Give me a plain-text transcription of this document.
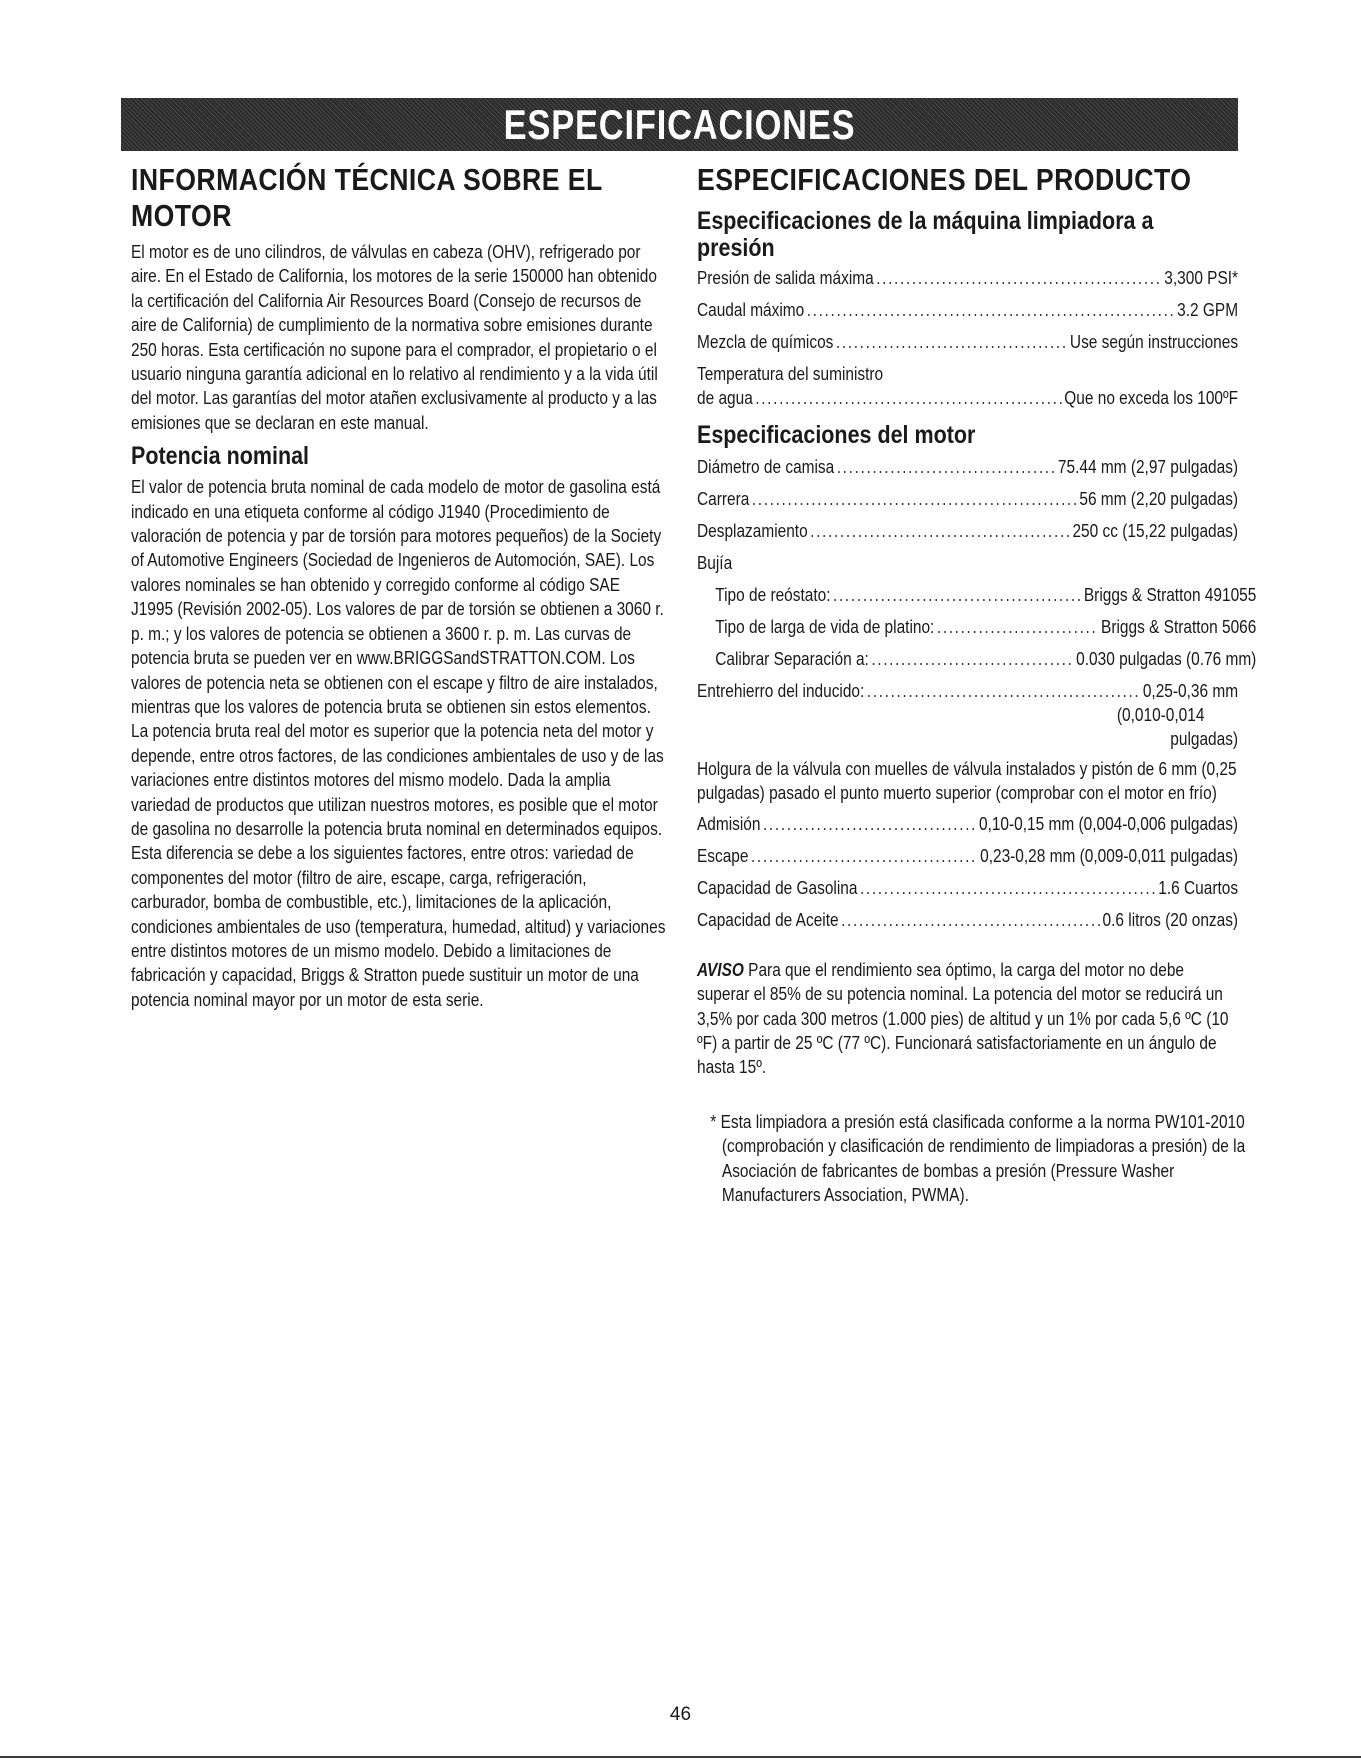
ESPECIFICACIONES
INFORMACIÓN TÉCNICA SOBRE EL MOTOR

El motor es de uno cilindros, de válvulas en cabeza (OHV), refrigerado por aire. En el Estado de California, los motores de la serie 150000 han obtenido la certificación del California Air Resources Board (Consejo de recursos de aire de California) de cumplimiento de la normativa sobre emisiones durante 250 horas. Esta certificación no supone para el comprador, el propietario o el usuario ninguna garantía adicional en lo relativo al rendimiento y a la vida útil del motor. Las garantías del motor atañen exclusivamente al producto y a las emisiones que se declaran en este manual.

Potencia nominal

El valor de potencia bruta nominal de cada modelo de motor de gasolina está indicado en una etiqueta conforme al código J1940 (Procedimiento de valoración de potencia y par de torsión para motores pequeños) de la Society of Automotive Engineers (Sociedad de Ingenieros de Automoción, SAE). Los valores nominales se han obtenido y corregido conforme al código SAE J1995 (Revisión 2002-05). Los valores de par de torsión se obtienen a 3060 r. p. m.; y los valores de potencia se obtienen a 3600 r. p. m. Las curvas de potencia bruta se pueden ver en www.BRIGGSandSTRATTON.COM. Los valores de potencia neta se obtienen con el escape y filtro de aire instalados, mientras que los valores de potencia bruta se obtienen sin estos elementos. La potencia bruta real del motor es superior que la potencia neta del motor y depende, entre otros factores, de las condiciones ambientales de uso y de las variaciones entre distintos motores del mismo modelo. Dada la amplia variedad de productos que utilizan nuestros motores, es posible que el motor de gasolina no desarrolle la potencia bruta nominal en determinados equipos. Esta diferencia se debe a los siguientes factores, entre otros: variedad de componentes del motor (filtro de aire, escape, carga, refrigeración, carburador, bomba de combustible, etc.), limitaciones de la aplicación, condiciones ambientales de uso (temperatura, humedad, altitud) y variaciones entre distintos motores de un mismo modelo. Debido a limitaciones de fabricación y capacidad, Briggs & Stratton puede sustituir un motor de una potencia nominal mayor por un motor de esta serie.

ESPECIFICACIONES DEL PRODUCTO
Especificaciones de la máquina limpiadora a presión
Presión de salida máxima .....	3,300 PSI*
Caudal máximo .....	3.2 GPM
Mezcla de químicos .....	Use según instrucciones
Temperatura del suministro
de agua .....	Que no exceda los 100ºF
Especificaciones del motor
Diámetro de camisa .....	75.44 mm (2,97 pulgadas)
Carrera .....	56 mm (2,20 pulgadas)
Desplazamiento .....	250 cc (15,22 pulgadas)
Bujía
Tipo de reóstato: .....	Briggs & Stratton 491055
Tipo de larga de vida de platino: .....	Briggs & Stratton 5066
Calibrar Separación a: .....	0.030 pulgadas (0.76 mm)
Entrehierro del inducido: .....	0,25-0,36 mm
(0,010-0,014
pulgadas)

Holgura de la válvula con muelles de válvula instalados y pistón de 6 mm (0,25 pulgadas) pasado el punto muerto superior (comprobar con el motor en frío)

Admisión .....	0,10-0,15 mm (0,004-0,006 pulgadas)
Escape .....	0,23-0,28 mm (0,009-0,011 pulgadas)
Capacidad de Gasolina .....	1.6 Cuartos
Capacidad de Aceite .....	0.6 litros (20 onzas)

AVISO Para que el rendimiento sea óptimo, la carga del motor no debe superar el 85% de su potencia nominal. La potencia del motor se reducirá un 3,5% por cada 300 metros (1.000 pies) de altitud y un 1% por cada 5,6 ºC (10 ºF) a partir de 25 ºC (77 ºC). Funcionará satisfactoriamente en un ángulo de hasta 15º.

* Esta limpiadora a presión está clasificada conforme a la norma PW101-2010 (comprobación y clasificación de rendimiento de limpiadoras a presión) de la Asociación de fabricantes de bombas a presión (Pressure Washer Manufacturers Association, PWMA).

46
